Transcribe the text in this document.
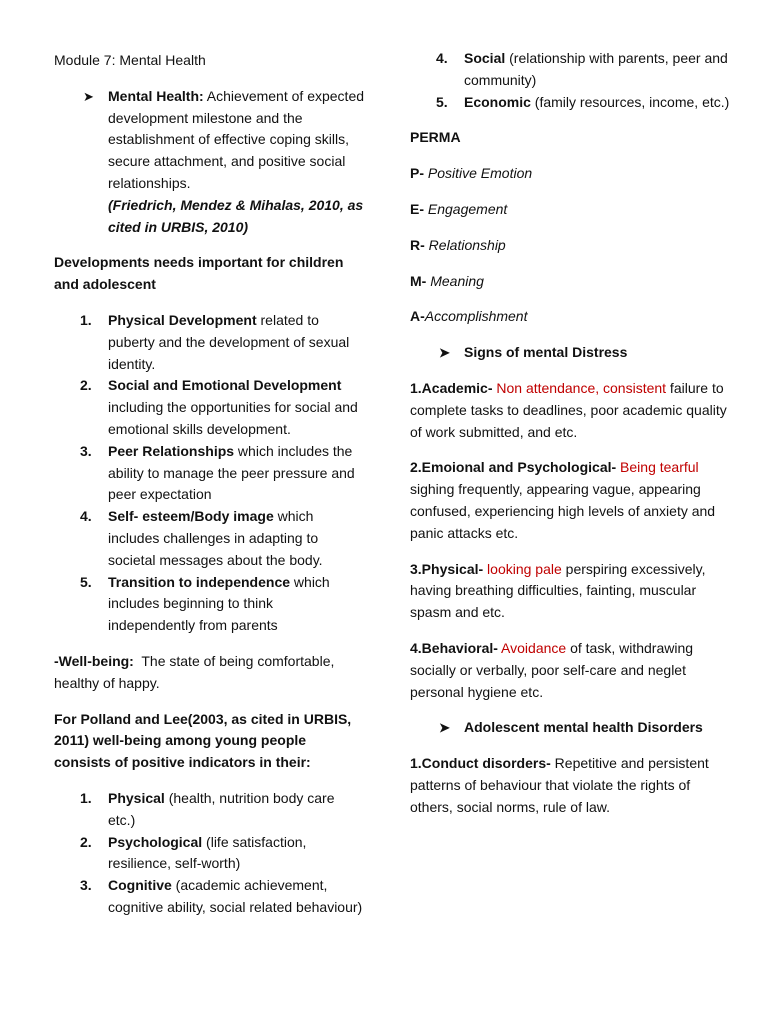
Module 7: Mental Health
➤ Mental Health: Achievement of expected development milestone and the establishment of effective coping skills, secure attachment, and positive social relationships.
(Friedrich, Mendez & Mihalas, 2010, as cited in URBIS, 2010)
Developments needs important for children and adolescent
1. Physical Development related to puberty and the development of sexual identity.
2. Social and Emotional Development including the opportunities for social and emotional skills development.
3. Peer Relationships which includes the ability to manage the peer pressure and peer expectation
4. Self- esteem/Body image which includes challenges in adapting to societal messages about the body.
5. Transition to independence which includes beginning to think independently from parents
-Well-being:  The state of being comfortable, healthy of happy.
For Polland and Lee(2003, as cited in URBIS, 2011) well-being among young people consists of positive indicators in their:
1. Physical (health, nutrition body care etc.)
2. Psychological (life satisfaction, resilience, self-worth)
3. Cognitive (academic achievement, cognitive ability, social related behaviour)
4. Social (relationship with parents, peer and community)
5. Economic (family resources, income, etc.)
PERMA
P- Positive Emotion
E- Engagement
R- Relationship
M- Meaning
A-Accomplishment
➤ Signs of mental Distress
1.Academic- Non attendance, consistent failure to complete tasks to deadlines, poor academic quality of work submitted, and etc.
2.Emoional and Psychological- Being tearful sighing frequently, appearing vague, appearing confused, experiencing high levels of anxiety and panic attacks etc.
3.Physical- looking pale perspiring excessively, having breathing difficulties, fainting, muscular spasm and etc.
4.Behavioral- Avoidance of task, withdrawing socially or verbally, poor self-care and neglet personal hygiene etc.
➤ Adolescent mental health Disorders
1.Conduct disorders- Repetitive and persistent patterns of behaviour that violate the rights of others, social norms, rule of law.
